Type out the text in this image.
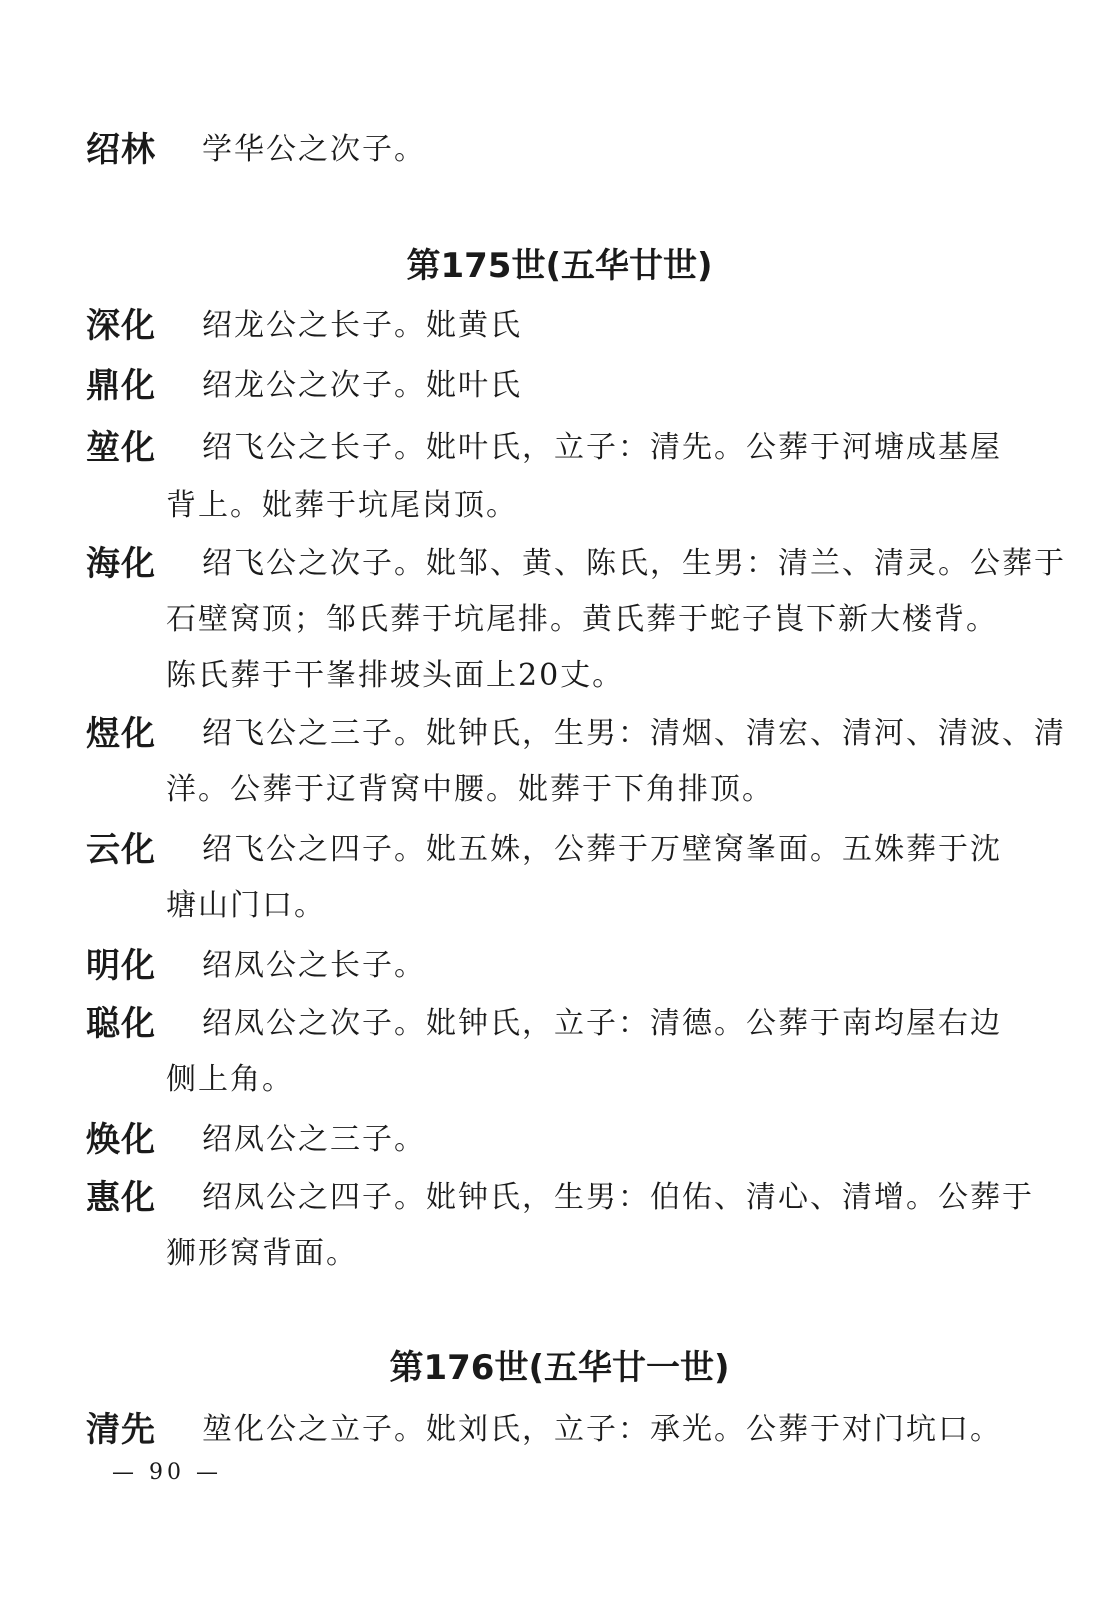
绍林 学华公之次子。
第175世(五华廿世)
深化 绍龙公之长子。妣黄氏
鼎化 绍龙公之次子。妣叶氏
堃化 绍飞公之长子。妣叶氏，立子：清先。公葬于河塘成基屋
背上。妣葬于坑尾岗顶。
海化 绍飞公之次子。妣邹、黄、陈氏，生男：清兰、清灵。公葬于
石壁窝顶；邹氏葬于坑尾排。黄氏葬于蛇子崀下新大楼背。
陈氏葬于干峯排坡头面上20丈。
煜化 绍飞公之三子。妣钟氏，生男：清烟、清宏、清河、清波、清
洋。公葬于辽背窝中腰。妣葬于下角排顶。
云化 绍飞公之四子。妣五姝，公葬于万壁窝峯面。五姝葬于沈
塘山门口。
明化 绍凤公之长子。
聪化 绍凤公之次子。妣钟氏，立子：清德。公葬于南均屋右边
侧上角。
焕化 绍凤公之三子。
惠化 绍凤公之四子。妣钟氏，生男：伯佑、清心、清增。公葬于
狮形窝背面。
第176世(五华廿一世)
清先 堃化公之立子。妣刘氏，立子：承光。公葬于对门坑口。
— 90 —
